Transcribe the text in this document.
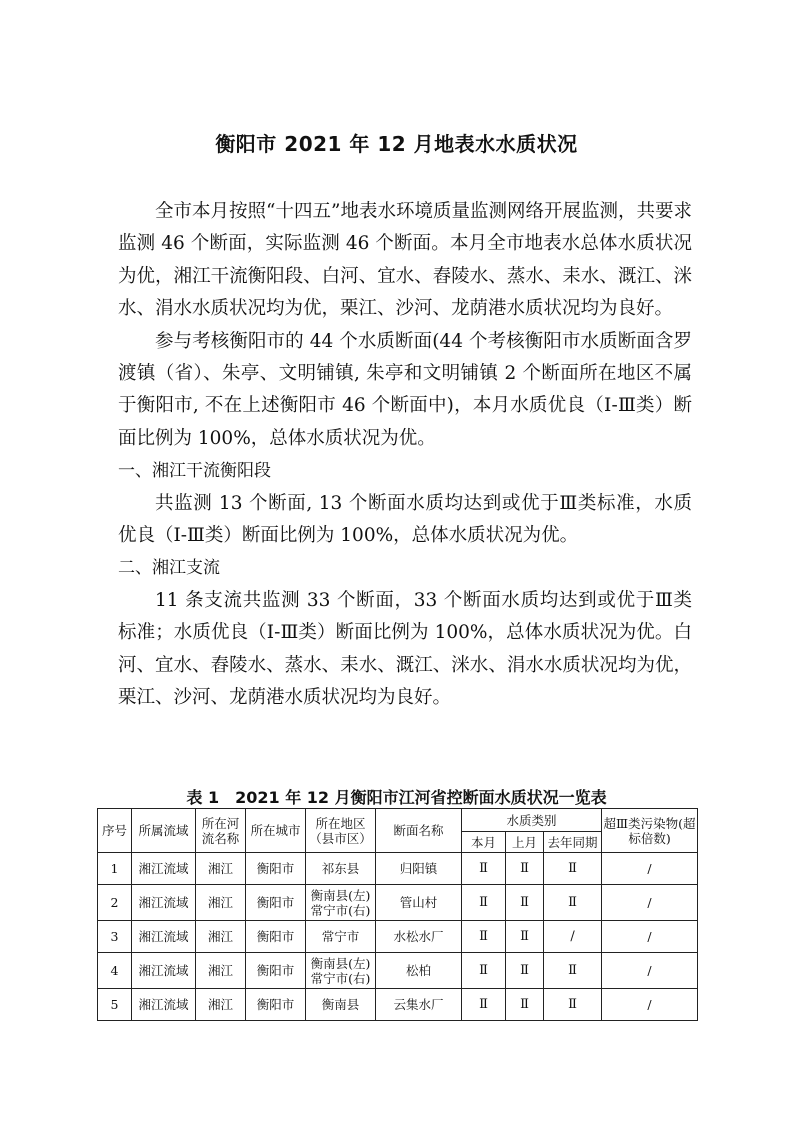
衡阳市 2021 年 12 月地表水水质状况

全市本月按照“十四五”地表水环境质量监测网络开展监测，共要求监测 46 个断面，实际监测 46 个断面。本月全市地表水总体水质状况为优，湘江干流衡阳段、白河、宜水、舂陵水、蒸水、耒水、溉江、洣水、涓水水质状况均为优，栗江、沙河、龙荫港水质状况均为良好。

参与考核衡阳市的 44 个水质断面(44 个考核衡阳市水质断面含罗渡镇（省）、朱亭、文明铺镇, 朱亭和文明铺镇 2 个断面所在地区不属于衡阳市, 不在上述衡阳市 46 个断面中)，本月水质优良（Ⅰ-Ⅲ类）断面比例为 100%，总体水质状况为优。

一、湘江干流衡阳段

共监测 13 个断面, 13 个断面水质均达到或优于Ⅲ类标准，水质优良（Ⅰ-Ⅲ类）断面比例为 100%，总体水质状况为优。

二、湘江支流

11 条支流共监测 33 个断面，33 个断面水质均达到或优于Ⅲ类标准；水质优良（Ⅰ-Ⅲ类）断面比例为 100%，总体水质状况为优。白河、宜水、舂陵水、蒸水、耒水、溉江、洣水、涓水水质状况均为优，栗江、沙河、龙荫港水质状况均为良好。

表 1　2021 年 12 月衡阳市江河省控断面水质状况一览表
序号	所属流域	所在河流名称	所在城市	所在地区（县市区）	断面名称	水质类别			超Ⅲ类污染物(超标倍数)
						本月	上月	去年同期	
1	湘江流域	湘江	衡阳市	祁东县	归阳镇	Ⅱ	Ⅱ	Ⅱ	/
2	湘江流域	湘江	衡阳市	衡南县(左) 常宁市(右)	管山村	Ⅱ	Ⅱ	Ⅱ	/
3	湘江流域	湘江	衡阳市	常宁市	水松水厂	Ⅱ	Ⅱ	/	/
4	湘江流域	湘江	衡阳市	衡南县(左) 常宁市(右)	松柏	Ⅱ	Ⅱ	Ⅱ	/
5	湘江流域	湘江	衡阳市	衡南县	云集水厂	Ⅱ	Ⅱ	Ⅱ	/
